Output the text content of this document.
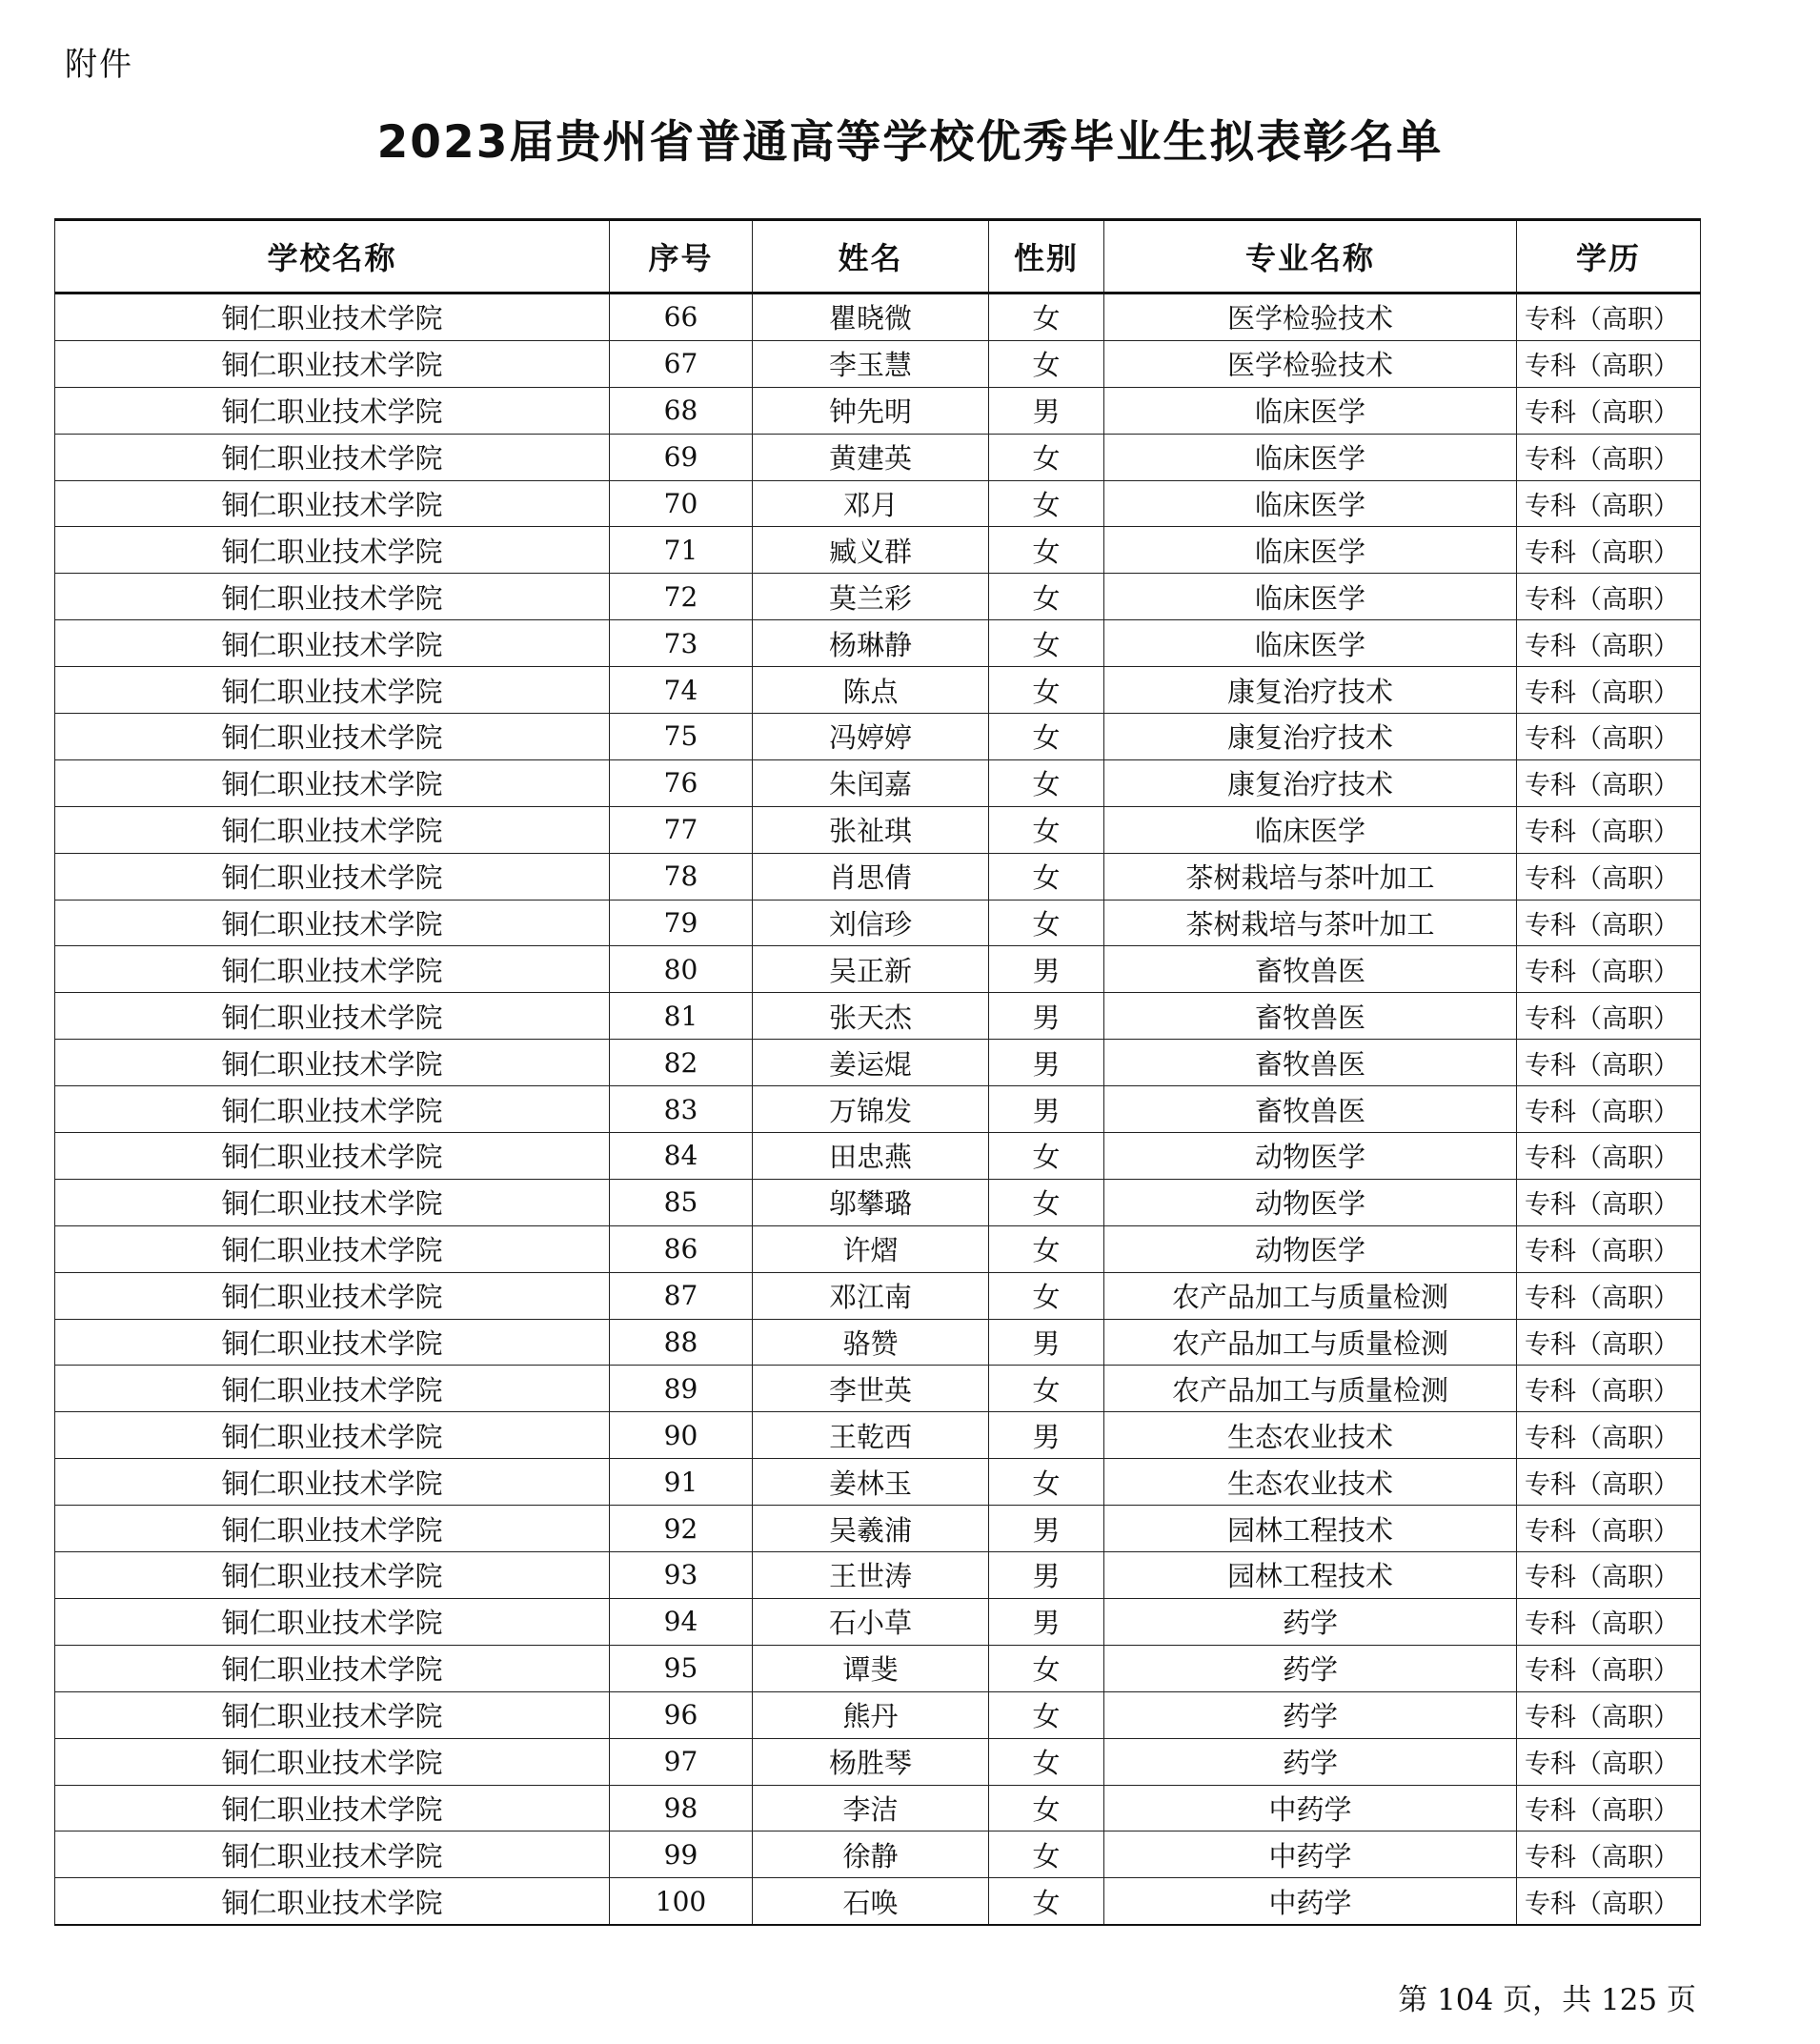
附件
2023届贵州省普通高等学校优秀毕业生拟表彰名单
学校名称	序号	姓名	性别	专业名称	学历
铜仁职业技术学院	66	瞿晓微	女	医学检验技术	专科（高职）
铜仁职业技术学院	67	李玉慧	女	医学检验技术	专科（高职）
铜仁职业技术学院	68	钟先明	男	临床医学	专科（高职）
铜仁职业技术学院	69	黄建英	女	临床医学	专科（高职）
铜仁职业技术学院	70	邓月	女	临床医学	专科（高职）
铜仁职业技术学院	71	臧义群	女	临床医学	专科（高职）
铜仁职业技术学院	72	莫兰彩	女	临床医学	专科（高职）
铜仁职业技术学院	73	杨琳静	女	临床医学	专科（高职）
铜仁职业技术学院	74	陈点	女	康复治疗技术	专科（高职）
铜仁职业技术学院	75	冯婷婷	女	康复治疗技术	专科（高职）
铜仁职业技术学院	76	朱闰嘉	女	康复治疗技术	专科（高职）
铜仁职业技术学院	77	张祉琪	女	临床医学	专科（高职）
铜仁职业技术学院	78	肖思倩	女	茶树栽培与茶叶加工	专科（高职）
铜仁职业技术学院	79	刘信珍	女	茶树栽培与茶叶加工	专科（高职）
铜仁职业技术学院	80	吴正新	男	畜牧兽医	专科（高职）
铜仁职业技术学院	81	张天杰	男	畜牧兽医	专科（高职）
铜仁职业技术学院	82	姜运焜	男	畜牧兽医	专科（高职）
铜仁职业技术学院	83	万锦发	男	畜牧兽医	专科（高职）
铜仁职业技术学院	84	田忠燕	女	动物医学	专科（高职）
铜仁职业技术学院	85	邬攀璐	女	动物医学	专科（高职）
铜仁职业技术学院	86	许熠	女	动物医学	专科（高职）
铜仁职业技术学院	87	邓江南	女	农产品加工与质量检测	专科（高职）
铜仁职业技术学院	88	骆赞	男	农产品加工与质量检测	专科（高职）
铜仁职业技术学院	89	李世英	女	农产品加工与质量检测	专科（高职）
铜仁职业技术学院	90	王乾西	男	生态农业技术	专科（高职）
铜仁职业技术学院	91	姜林玉	女	生态农业技术	专科（高职）
铜仁职业技术学院	92	吴羲浦	男	园林工程技术	专科（高职）
铜仁职业技术学院	93	王世涛	男	园林工程技术	专科（高职）
铜仁职业技术学院	94	石小草	男	药学	专科（高职）
铜仁职业技术学院	95	谭斐	女	药学	专科（高职）
铜仁职业技术学院	96	熊丹	女	药学	专科（高职）
铜仁职业技术学院	97	杨胜琴	女	药学	专科（高职）
铜仁职业技术学院	98	李洁	女	中药学	专科（高职）
铜仁职业技术学院	99	徐静	女	中药学	专科（高职）
铜仁职业技术学院	100	石唤	女	中药学	专科（高职）
第 104 页，共 125 页
